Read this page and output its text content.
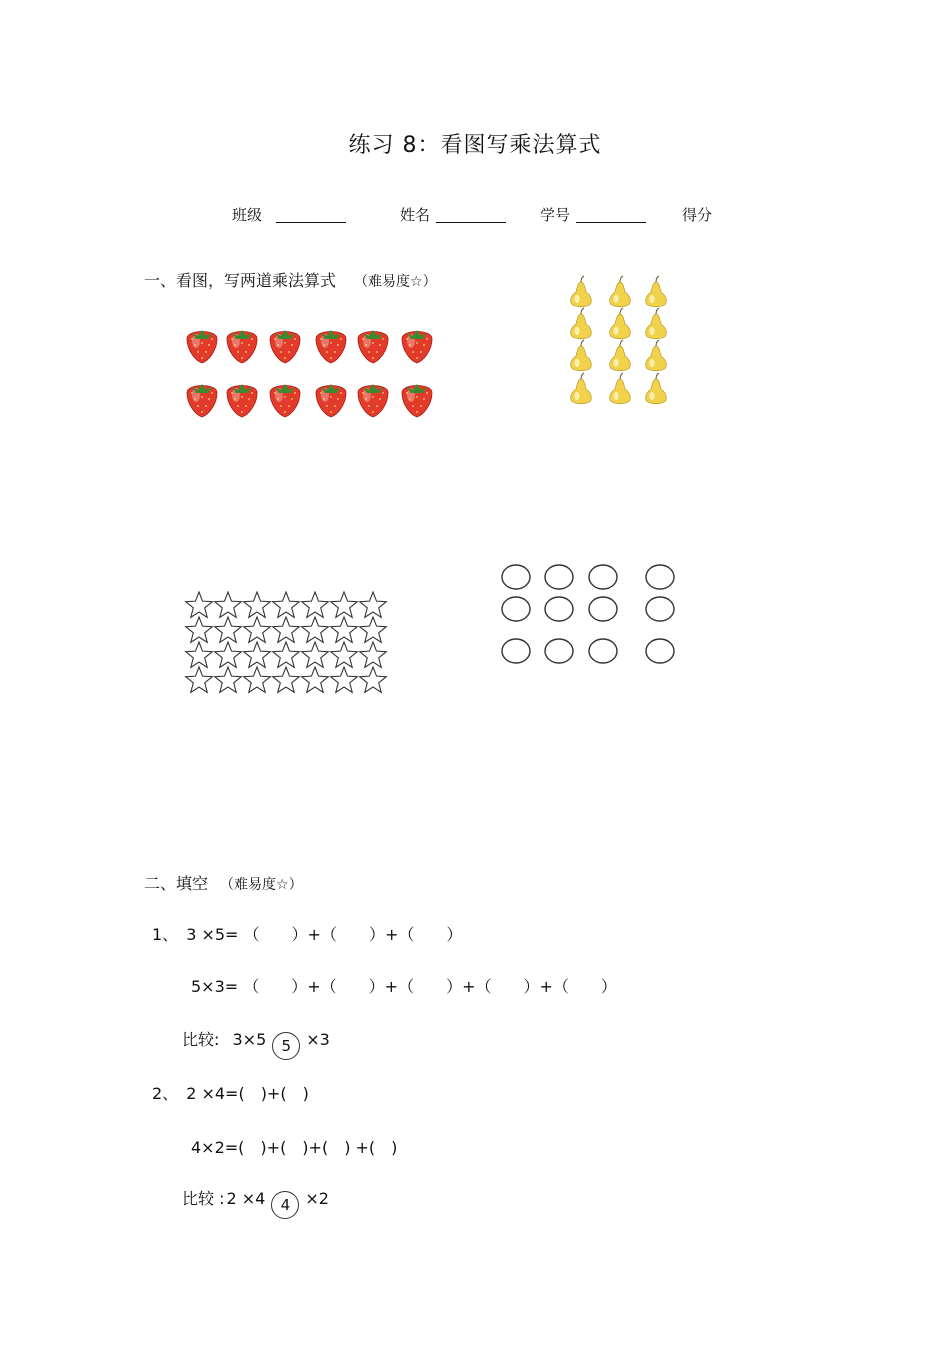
练习 8：看图写乘法算式
班级	姓名	学号	得分
一、看图，写两道乘法算式 （难易度☆）
二、填空 （难易度☆）
1、 3 ×5= （　　）+（　　）+（　　）
5×3= （　　）+（　　）+（　　）+（　　）+（　　）
比较: 3×5 5 ×3
2、 2 ×4=(　)+(　)
4×2=(　)+(　)+(　) +(　)
比较 : 2 ×4 4 ×2
